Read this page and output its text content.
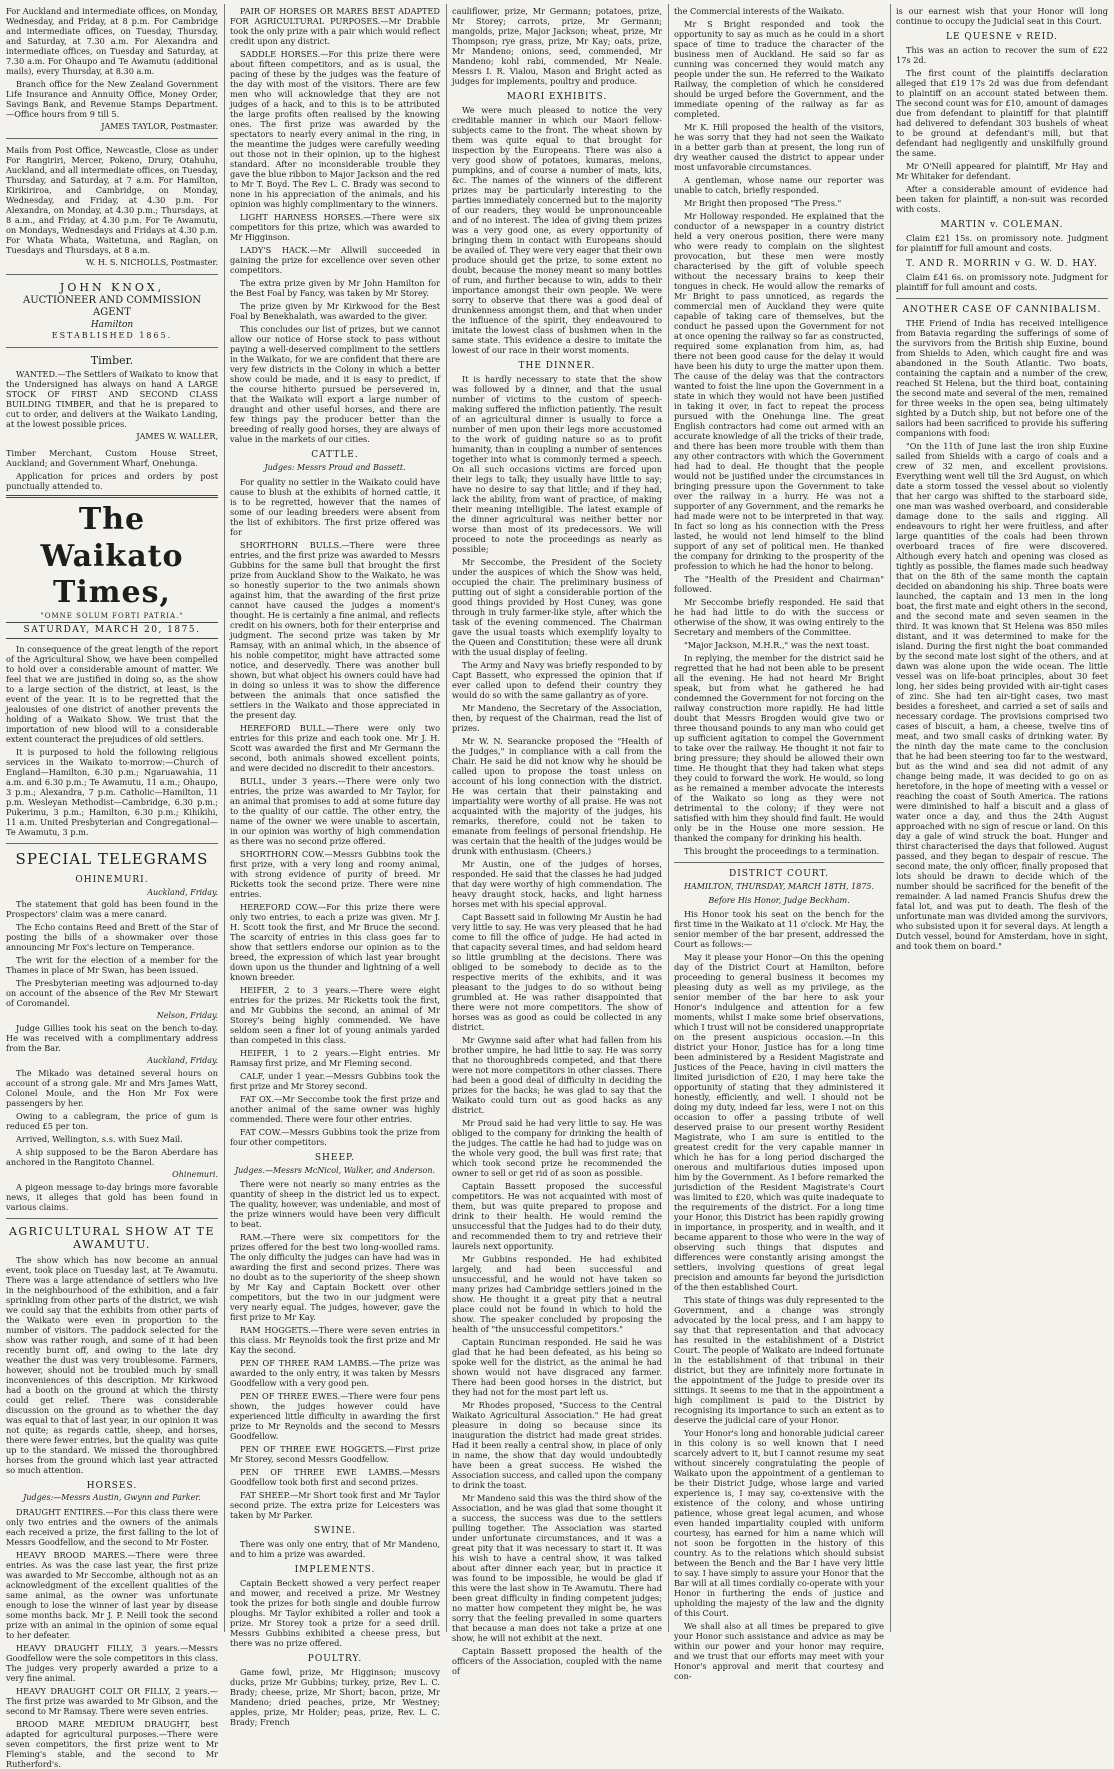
For Auckland and intermediate offices, on Monday, Wednesday, and Friday, at 8 p.m. For Cambridge and intermediate offices, on Tuesday, Thursday, and Saturday, at 7.30 a.m. For Alexandra and intermediate offices, on Tuesday and Saturday, at 7.30 a.m. For Ohaupo and Te Awamutu (additional mails), every Thursday, at 8.30 a.m.

Branch office for the New Zealand Government Life Insurance and Annuity Office, Money Order, Savings Bank, and Revenue Stamps Department.—Office hours from 9 till 5.

JAMES TAYLOR, Postmaster.

Mails from Post Office, Newcastle, Close as under For Rangiriri, Mercer, Pokeno, Drury, Otahuhu, Auckland, and all intermediate offices, on Tuesday, Thursday, and Saturday, at 7 a.m. For Hamilton, Kirikiriroa, and Cambridge, on Monday, Wednesday, and Friday, at 4.30 p.m. For Alexandra, on Monday, at 4.30 p.m.; Thursdays, at 8 a.m., and Friday, at 4.30 p.m. For Te Awamutu, on Mondays, Wednesdays and Fridays at 4.30 p.m. For Whata Whata, Waitetuna, and Raglan, on Tuesdays and Thursdays, at 8 a.m.

W. H. S. NICHOLLS, Postmaster.
JOHN KNOX,
AUCTIONEER AND COMMISSION AGENT
Hamilton
ESTABLISHED 1865.
Timber.

WANTED.—The Settlers of Waikato to know that the Undersigned has always on hand A LARGE STOCK OF FIRST AND SECOND CLASS BUILDING TIMBER, and that he is prepared to cut to order, and delivers at the Waikato Landing, at the lowest possible prices.

JAMES W. WALLER,

Timber Merchant, Custom House Street, Auckland; and Government Wharf, Onehunga.

Application for prices and orders by post punctually attended to.

The Waikato Times,
"OMNE SOLUM FORTI PATRIA."
SATURDAY, MARCH 20, 1875.

In consequence of the great length of the report of the Agricultural Show, we have been compelled to hold over a considerable amount of matter. We feel that we are justified in doing so, as the show to a large section of the district, at least, is the event of the year. It is to be regretted that the jealousies of one district of another prevents the holding of a Waikato Show. We trust that the importation of new blood will to a considerable extent counteract the prejudices of old settlers.

It is purposed to hold the following religious services in the Waikato to-morrow:—Church of England—Hamilton, 6.30 p.m.; Ngaruawahia, 11 a.m. and 6.30 p.m.; Te Awamutu, 11 a.m.; Ohaupo, 3 p.m.; Alexandra, 7 p.m. Catholic—Hamilton, 11 p.m. Wesleyan Methodist—Cambridge, 6.30 p.m.; Pukerimu, 3 p.m.; Hamilton, 6.30 p.m.; Kihikihi, 11 a.m. United Presbyterian and Congregational—Te Awamutu, 3 p.m.

SPECIAL TELEGRAMS
OHINEMURI.
Auckland, Friday.

The statement that gold has been found in the Prospectors' claim was a mere canard.

The Echo contains Reed and Brett of the Star of posting the bills of a showmaker over those announcing Mr Fox's lecture on Temperance.

The writ for the election of a member for the Thames in place of Mr Swan, has been issued.

The Presbyterian meeting was adjourned to-day on account of the absence of the Rev Mr Stewart of Coromandel.

Nelson, Friday.

Judge Gillies took his seat on the bench to-day. He was received with a complimentary address from the Bar.

Auckland, Friday.

The Mikado was detained several hours on account of a strong gale. Mr and Mrs James Watt, Colonel Moule, and the Hon Mr Fox were passengers by her.

Owing to a cablegram, the price of gum is reduced £5 per ton.

Arrived, Wellington, s.s. with Suez Mail.

A ship supposed to be the Baron Aberdare has anchored in the Rangitoto Channel.

Ohinemuri.

A pigeon message to-day brings more favorable news, it alleges that gold has been found in various claims.

AGRICULTURAL SHOW AT TE AWAMUTU.

The show which has now become an annual event, took place on Tuesday last, at Te Awamutu. There was a large attendance of settlers who live in the neighbourhood of the exhibition, and a fair sprinkling from other parts of the district, we wish we could say that the exhibits from other parts of the Waikato were even in proportion to the number of visitors. The paddock selected for the show was rather rough, and some of it had been recently burnt off, and owing to the late dry weather the dust was very troublesome. Farmers, however, should not be troubled much by small inconveniences of this description. Mr Kirkwood had a booth on the ground at which the thirsty could get relief. There was considerable discussion on the ground as to whether the day was equal to that of last year, in our opinion it was not quite; as regards cattle, sheep, and horses, there were fewer entries, but the quality was quite up to the standard. We missed the thoroughbred horses from the ground which last year attracted so much attention.

HORSES.
Judges:—Messrs Austin, Gwynn and Parker.

DRAUGHT ENTIRES.—For this class there were only two entries and the owners of the animals each received a prize, the first falling to the lot of Messrs Goodfellow, and the second to Mr Foster.

HEAVY BROOD MARES.—There were three entries. As was the case last year, the first prize was awarded to Mr Seccombe, although not as an acknowledgment of the excellent qualities of the same animal, as the owner was unfortunate enough to lose the winner of last year by disease some months back. Mr J. P. Neill took the second prize with an animal in the opinion of some equal to her defeater.

HEAVY DRAUGHT FILLY, 3 years.—Messrs Goodfellow were the sole competitors in this class. The judges very properly awarded a prize to a very fine animal.

HEAVY DRAUGHT COLT OR FILLY, 2 years.—The first prize was awarded to Mr Gibson, and the second to Mr Ramsay. There were seven entries.

BROOD MARE MEDIUM DRAUGHT, best adapted for agricultural purposes.—There were seven competitors, the first prize went to Mr Fleming's stable, and the second to Mr Rutherford's.

PAIR OF HORSES OR MARES BEST ADAPTED FOR AGRICULTURAL PURPOSES.—Mr Drabble took the only prize with a pair which would reflect credit upon any district.

SADDLE HORSES.—For this prize there were about fifteen competitors, and as is usual, the pacing of these by the judges was the feature of the day with most of the visitors. There are few men who will acknowledge that they are not judges of a hack, and to this is to be attributed the large profits often realised by the knowing ones. The first prize was awarded by the spectators to nearly every animal in the ring, in the meantime the judges were carefully weeding out those not in their opinion, up to the highest standard. After no inconsiderable trouble they gave the blue ribbon to Major Jackson and the red to Mr T. Boyd. The Rev L. C. Brady was second to none in his appreciation of the animals, and his opinion was highly complimentary to the winners.

LIGHT HARNESS HORSES.—There were six competitors for this prize, which was awarded to Mr Higginson.

LADY'S HACK.—Mr Allwill succeeded in gaining the prize for excellence over seven other competitors.

The extra prize given by Mr John Hamilton for the Best Foal by Fancy, was taken by Mr Storey.

The prize given by Mr Kirkwood for the Best Foal by Benekhalath, was awarded to the giver.

This concludes our list of prizes, but we cannot allow our notice of Horse stock to pass without paying a well-deserved compliment to the settlers in the Waikato, for we are confident that there are very few districts in the Colony in which a better show could be made, and it is easy to predict, if the course hitherto pursued be persevered in, that the Waikato will export a large number of draught and other useful horses, and there are few things pay the producer better than the breeding of really good horses, they are always of value in the markets of our cities.

CATTLE.
Judges: Messrs Proud and Bassett.

For quality no settler in the Waikato could have cause to blush at the exhibits of horned cattle, it is to be regretted, however that the names of some of our leading breeders were absent from the list of exhibitors. The first prize offered was for

SHORTHORN BULLS.—There were three entries, and the first prize was awarded to Messrs Gubbins for the same bull that brought the first prize from Auckland Show to the Waikato, he was so honestly superior to the two animals shown against him, that the awarding of the first prize cannot have caused the judges a moment's thought. He is certainly a fine animal, and reflects credit on his owners, both for their enterprise and judgment. The second prize was taken by Mr Ramsay, with an animal which, in the absence of his noble competitor, might have attracted some notice, and deservedly. There was another bull shown, but what object his owners could have had in doing so unless it was to show the difference between the animals that once satisfied the settlers in the Waikato and those appreciated in the present day.

HEREFORD BULL.—There were only two entries for this prize and each took one. Mr J. H. Scott was awarded the first and Mr Germann the second, both animals showed excellent points, and were decided no discredit to their ancestors.

BULL, under 3 years.—There were only two entries, the prize was awarded to Mr Taylor, for an animal that promises to add at some future day to the quality of our cattle. The other entry, the name of the owner we were unable to ascertain, in our opinion was worthy of high commendation as there was no second prize offered.

SHORTHORN COW.—Messrs Gubbins took the first prize, with a very long and roomy animal, with strong evidence of purity of breed. Mr Ricketts took the second prize. There were nine entries.

HEREFORD COW.—For this prize there were only two entries, to each a prize was given. Mr J. H. Scott took the first, and Mr Bruce the second. The scarcity of entries in this class goes far to show that settlers endorse our opinion as to the breed, the expression of which last year brought down upon us the thunder and lightning of a well known breeder.

HEIFER, 2 to 3 years.—There were eight entries for the prizes. Mr Ricketts took the first, and Mr Gubbins the second, an animal of Mr Storey's being highly commended. We have seldom seen a finer lot of young animals yarded than competed in this class.

HEIFER, 1 to 2 years.—Eight entries. Mr Ramsay first prize, and Mr Fleming second.

CALF, under 1 year.—Messrs Gubbins took the first prize and Mr Storey second.

FAT OX.—Mr Seccombe took the first prize and another animal of the same owner was highly commended. There were four other entries.

FAT COW.—Messrs Gubbins took the prize from four other competitors.

SHEEP.
Judges.—Messrs McNicol, Walker, and Anderson.

There were not nearly so many entries as the quantity of sheep in the district led us to expect. The quality, however, was undeniable, and most of the prize winners would have been very difficult to beat.

RAM.—There were six competitors for the prizes offered for the best two long-woolled rams. The only difficulty the judges can have had was in awarding the first and second prizes. There was no doubt as to the superiority of the sheep shown by Mr Kay and Captain Bockett over other competitors, but the two in our judgment were very nearly equal. The judges, however, gave the first prize to Mr Kay.

RAM HOGGETS.—There were seven entries in this class. Mr Reynolds took the first prize and Mr Kay the second.

PEN OF THREE RAM LAMBS.—The prize was awarded to the only entry, it was taken by Messrs Goodfellow with a very good pen.

PEN OF THREE EWES.—There were four pens shown, the judges however could have experienced little difficulty in awarding the first prize to Mr Reynolds and the second to Messrs Goodfellow.

PEN OF THREE EWE HOGGETS.—First prize Mr Storey, second Messrs Goodfellow.

PEN OF THREE EWE LAMBS.—Messrs Goodfellow took both first and second prizes.

FAT SHEEP.—Mr Short took first and Mr Taylor second prize. The extra prize for Leicesters was taken by Mr Parker.

SWINE.

There was only one entry, that of Mr Mandeno, and to him a prize was awarded.

IMPLEMENTS.

Captain Beckett showed a very perfect reaper and mower, and received a prize. Mr Westney took the prizes for both single and double furrow ploughs. Mr Taylor exhibited a roller and took a prize. Mr Storey took a prize for a seed drill. Messrs Gubbins exhibited a cheese press, but there was no prize offered.

POULTRY.

Game fowl, prize, Mr Higginson; muscovy ducks, prize Mr Gubbins; turkey, prize, Rev L. C. Brady; cheese, prize, Mr Short; bacon, prize, Mr Mandeno; dried peaches, prize, Mr Westney; apples, prize, Mr Holder; peas, prize, Rev. L. C. Brady; French

cauliflower, prize, Mr Germann; potatoes, prize, Mr Storey; carrots, prize, Mr Germann; mangolds, prize, Major Jackson; wheat, prize, Mr Thompson; rye grass, prize, Mr Kay; oats, prize, Mr Mandeno; onions, seed, commended, Mr Mandeno; kohl rabi, commended, Mr Neale. Messrs I. R. Vialou, Mason and Bright acted as judges for implements, poultry and produce.

MAORI EXHIBITS.

We were much pleased to notice the very creditable manner in which our Maori fellow-subjects came to the front. The wheat shown by them was quite equal to that brought for inspection by the Europeans. There was also a very good show of potatoes, kumaras, melons, pumpkins, and of course a number of mats, kits, &c. The names of the winners of the different prizes may be particularly interesting to the parties immediately concerned but to the majority of our readers, they would be unpronounceable and of no interest. The idea of giving them prizes was a very good one, as every opportunity of bringing them in contact with Europeans should be availed of. They were very eager that their own produce should get the prize, to some extent no doubt, because the money meant so many bottles of rum, and further because to win, adds to their importance amongst their own people. We were sorry to observe that there was a good deal of drunkenness amongst them, and that when under the influence of the spirit, they endeavoured to imitate the lowest class of bushmen when in the same state. This evidence a desire to imitate the lowest of our race in their worst moments.

THE DINNER.

It is hardly necessary to state that the show was followed by a dinner, and that the usual number of victims to the custom of speech-making suffered the infliction patiently. The result of an agricultural dinner is usually to force a number of men upon their legs more accustomed to the work of guiding nature so as to profit humanity, than in coupling a number of sentences together into what is commonly termed a speech. On all such occasions victims are forced upon their legs to talk; they usually have little to say; have no desire to say that little; and if they had, lack the ability, from want of practice, of making their meaning intelligible. The latest example of the dinner agricultural was neither better nor worse than most of its predecessors. We will proceed to note the proceedings as nearly as possible;

Mr Seccombe, the President of the Society under the auspices of which the Show was held, occupied the chair. The preliminary business of putting out of sight a considerable portion of the good things provided by Host Cuney, was gone through in truly farmer-like style, after which the task of the evening commenced. The Chairman gave the usual toasts which exemplify loyalty to the Queen and Constitution; these were all drunk with the usual display of feeling.

The Army and Navy was briefly responded to by Capt Bassett, who expressed the opinion that if ever called upon to defend their country they would do so with the same gallantry as of yore.

Mr Mandeno, the Secretary of the Association, then, by request of the Chairman, read the list of prizes.

Mr W. N. Searancke proposed the "Health of the Judges," in compliance with a call from the Chair. He said he did not know why he should be called upon to propose the toast unless on account of his long connection with the district. He was certain that their painstaking and impartiality were worthy of all praise. He was not acquainted with the majority of the judges, his remarks, therefore, could not be taken to emanate from feelings of personal friendship. He was certain that the health of the judges would be drunk with enthusiasm. (Cheers.)

Mr Austin, one of the judges of horses, responded. He said that the classes he had judged that day were worthy of high commendation. The heavy draught stock, hacks, and light harness horses met with his special approval.

Capt Bassett said in following Mr Austin he had very little to say. He was very pleased that he had come to fill the office of judge. He had acted in that capacity several times, and had seldom heard so little grumbling at the decisions. There was obliged to be somebody to decide as to the respective merits of the exhibits, and it was pleasant to the judges to do so without being grumbled at. He was rather disappointed that there were not more competitors. The show of horses was as good as could be collected in any district.

Mr Gwynne said after what had fallen from his brother umpire, he had little to say. He was sorry that no thoroughbreds competed, and that there were not more competitors in other classes. There had been a good deal of difficulty in deciding the prizes for the hacks; he was glad to say that the Waikato could turn out as good hacks as any district.

Mr Proud said he had very little to say. He was obliged to the company for drinking the health of the judges. The cattle he had had to judge was on the whole very good, the bull was first rate; that which took second prize he recommended the owner to sell or get rid of as soon as possible.

Captain Bassett proposed the successful competitors. He was not acquainted with most of them, but was quite prepared to propose and drink to their health. He would remind the unsuccessful that the Judges had to do their duty, and recommended them to try and retrieve their laurels next opportunity.

Mr Gubbins responded. He had exhibited largely, and had been successful and unsuccessful, and he would not have taken so many prizes had Cambridge settlers joined in the show. He thought it a great pity that a neutral place could not be found in which to hold the show. The speaker concluded by proposing the health of "the unsuccessful competitors."

Captain Runciman responded. He said he was glad that he had been defeated, as his being so spoke well for the district, as the animal he had shown would not have disgraced any farmer. There had been good horses in the district, but they had not for the most part left us.

Mr Rhodes proposed, "Success to the Central Waikato Agricultural Association." He had great pleasure in doing so because since its inauguration the district had made great strides. Had it been really a central show, in place of only in name, the show that day would undoubtedly have been a great success. He wished the Association success, and called upon the company to drink the toast.

Mr Mandeno said this was the third show of the Association, and he was glad that some thought it a success, the success was due to the settlers pulling together. The Association was started under unfortunate circumstances, and it was a great pity that it was necessary to start it. It was his wish to have a central show, it was talked about after dinner each year, but in practice it was found to be impossible, he would be glad if this were the last show in Te Awamutu. There had been great difficulty in finding competent judges; no matter how competent they might be, he was sorry that the feeling prevailed in some quarters that because a man does not take a prize at one show, he will not exhibit at the next.

Captain Bassett proposed the health of the officers of the Association, coupled with the name of

the Commercial interests of the Waikato.

Mr S Bright responded and took the opportunity to say as much as he could in a short space of time to traduce the character of the business men of Auckland. He said so far as cunning was concerned they would match any people under the sun. He referred to the Waikato Railway, the completion of which he considered should be urged before the Government, and the immediate opening of the railway as far as completed.

Mr K. Hill proposed the health of the visitors, he was sorry that they had not seen the Waikato in a better garb than at present, the long run of dry weather caused the district to appear under most unfavorable circumstances.

A gentleman, whose name our reporter was unable to catch, briefly responded.

Mr Bright then proposed "The Press."

Mr Holloway responded. He explained that the conductor of a newspaper in a country district held a very onerous position, there were many who were ready to complain on the slightest provocation, but these men were mostly characterised by the gift of voluble speech without the necessary brains to keep their tongues in check. He would allow the remarks of Mr Bright to pass unnoticed, as regards the commercial men of Auckland they were quite capable of taking care of themselves, but the conduct he passed upon the Government for not at once opening the railway so far as constructed, required some explanation from him, as, had there not been good cause for the delay it would have been his duty to urge the matter upon them. The cause of the delay was that the contractors wanted to foist the line upon the Government in a state in which they would not have been justified in taking it over, in fact to repeat the process pursued with the Onehunga line. The great English contractors had come out armed with an accurate knowledge of all the tricks of their trade, and there has been more trouble with them than any other contractors with which the Government had had to deal. He thought that the people would not be justified under the circumstances in bringing pressure upon the Government to take over the railway in a hurry. He was not a supporter of any Government, and the remarks he had made were not to be interpreted in that way. In fact so long as his connection with the Press lasted, he would not lend himself to the blind support of any set of political men. He thanked the company for drinking to the prosperity of the profession to which he had the honor to belong.

The "Health of the President and Chairman" followed.

Mr Seccombe briefly responded. He said that he had had little to do with the success or otherwise of the show, it was owing entirely to the Secretary and members of the Committee.

"Major Jackson, M.H.R.," was the next toast.

In replying, the member for the district said he regretted that he had not been able to be present all the evening. He had not heard Mr Bright speak, but from what he gathered he had condemned the Government for not forcing on the railway construction more rapidly. He had little doubt that Messrs Brogden would give two or three thousand pounds to any man who could get up sufficient agitation to compel the Government to take over the railway. He thought it not fair to bring pressure; they should be allowed their own time. He thought that they had taken what steps they could to forward the work. He would, so long as he remained a member advocate the interests of the Waikato so long as they were not detrimental to the colony; if they were not satisfied with him they should find fault. He would only be in the House one more session. He thanked the company for drinking his health.

This brought the proceedings to a termination.

DISTRICT COURT.
HAMILTON, THURSDAY, MARCH 18TH, 1875.
Before His Honor, Judge Beckham.

His Honor took his seat on the bench for the first time in the Waikato at 11 o'clock. Mr Hay, the senior member of the bar present, addressed the Court as follows:—

May it please your Honor—On this the opening day of the District Court at Hamilton, before proceeding to general business it becomes my pleasing duty as well as my privilege, as the senior member of the bar here to ask your Honor's indulgence and attention for a few moments, whilst I make some brief observations, which I trust will not be considered unappropriate on the present auspicious occasion.—In this district your Honor, Justice has for a long time been administered by a Resident Magistrate and Justices of the Peace, having in civil matters the limited jurisdiction of £20, I may here take the opportunity of stating that they administered it honestly, efficiently, and well. I should not be doing my duty, indeed far less, were I not on this occasion to offer a passing tribute of well deserved praise to our present worthy Resident Magistrate, who I am sure is entitled to the greatest credit for the very capable manner in which he has for a long period discharged the onerous and multifarious duties imposed upon him by the Government. As I before remarked the jurisdiction of the Resident Magistrate's Court was limited to £20, which was quite inadequate to the requirements of the district. For a long time your Honor, this District has been rapidly growing in importance, in prosperity, and in wealth, and it became apparent to those who were in the way of observing such things that disputes and differences were constantly arising amongst the settlers, involving questions of great legal precision and amounts far beyond the jurisdiction of the then established Court.

This state of things was duly represented to the Government, and a change was strongly advocated by the local press, and I am happy to say that that representation and that advocacy has resulted in the establishment of a District Court. The people of Waikato are indeed fortunate in the establishment of that tribunal in their district, but they are infinitely more fortunate in the appointment of the Judge to preside over its sittings. It seems to me that in the appointment a high compliment is paid to the District by recognising its importance to such an extent as to deserve the judicial care of your Honor.

Your Honor's long and honorable judicial career in this colony is so well known that I need scarcely advert to it, but I cannot resume my seat without sincerely congratulating the people of Waikato upon the appointment of a gentleman to be their District Judge, whose large and varied experience is, I may say, co-extensive with the existence of the colony, and whose untiring patience, whose great legal acumen, and whose even handed impartiality coupled with uniform courtesy, has earned for him a name which will not soon be forgotten in the history of this country. As to the relations which should subsist between the Bench and the Bar I have very little to say. I have simply to assure your Honor that the Bar will at all times cordially co-operate with your Honor in furthering the ends of justice and upholding the majesty of the law and the dignity of this Court.

We shall also at all times be prepared to give your Honor such assistance and advice as may be within our power and your honor may require, and we trust that our efforts may meet with your Honor's approval and merit that courtesy and con-

is our earnest wish that your Honor will long continue to occupy the Judicial seat in this Court.

LE QUESNE v REID.

This was an action to recover the sum of £22 17s 2d.

The first count of the plaintiffs declaration alleged that £19 17s 2d was due from defendant to plaintiff on an account stated between them. The second count was for £10, amount of damages due from defendant to plaintiff for that plaintiff had delivered to defendant 303 bushels of wheat to be ground at defendant's mill, but that defendant had negligently and unskilfully ground the same.

Mr O'Neill appeared for plaintiff, Mr Hay and Mr Whitaker for defendant.

After a considerable amount of evidence had been taken for plaintiff, a non-suit was recorded with costs.

MARTIN v. COLEMAN.

Claim £21 15s. on promissory note. Judgment for plaintiff for full amount and costs.

T. AND R. MORRIN v G. W. D. HAY.

Claim £41 6s. on promissory note. Judgment for plaintiff for full amount and costs.

ANOTHER CASE OF CANNIBALISM.

THE Friend of India has received intelligence from Batavia regarding the sufferings of some of the survivors from the British ship Euxine, bound from Shields to Aden, which caught fire and was abandoned in the South Atlantic. Two boats, containing the captain and a number of the crew, reached St Helena, but the third boat, containing the second mate and several of the men, remained for three weeks in the open sea, being ultimately sighted by a Dutch ship, but not before one of the sailors had been sacrificed to provide his suffering companions with food:

"On the 11th of June last the iron ship Euxine sailed from Shields with a cargo of coals and a crew of 32 men, and excellent provisions. Everything went well till the 3rd August, on which date a storm tossed the vessel about so violently that her cargo was shifted to the starboard side, one man was washed overboard, and considerable damage done to the sails and rigging. All endeavours to right her were fruitless, and after large quantities of the coals had been thrown overboard traces of fire were discovered. Although every hatch and opening was closed as tightly as possible, the flames made such headway that on the 8th of the same month the captain decided on abandoning his ship. Three boats were launched, the captain and 13 men in the long boat, the first mate and eight others in the second, and the second mate and seven seamen in the third. It was known that St Helena was 850 miles distant, and it was determined to make for the island. During the first night the boat commanded by the second mate lost sight of the others, and at dawn was alone upon the wide ocean. The little vessel was on life-boat principles, about 30 feet long, her sides being provided with air-tight cases of zinc. She had ten air-tight cases, two mast besides a foresheet, and carried a set of sails and necessary cordage. The provisions comprised two cases of biscuit, a ham, a cheese, twelve tins of meat, and two small casks of drinking water. By the ninth day the mate came to the conclusion that he had been steering too far to the westward, but as the wind and sea did not admit of any change being made, it was decided to go on as heretofore, in the hope of meeting with a vessel or reaching the coast of South America. The rations were diminished to half a biscuit and a glass of water once a day, and thus the 24th August approached with no sign of rescue or land. On this day a gale of wind struck the boat. Hunger and thirst characterised the days that followed. August passed, and they began to despair of rescue. The second mate, the only officer, finally proposed that lots should be drawn to decide which of the number should be sacrificed for the benefit of the remainder. A lad named Francis Shufus drew the fatal lot, and was put to death. The flesh of the unfortunate man was divided among the survivors, who subsisted upon it for several days. At length a Dutch vessel, bound for Amsterdam, hove in sight, and took them on board."
